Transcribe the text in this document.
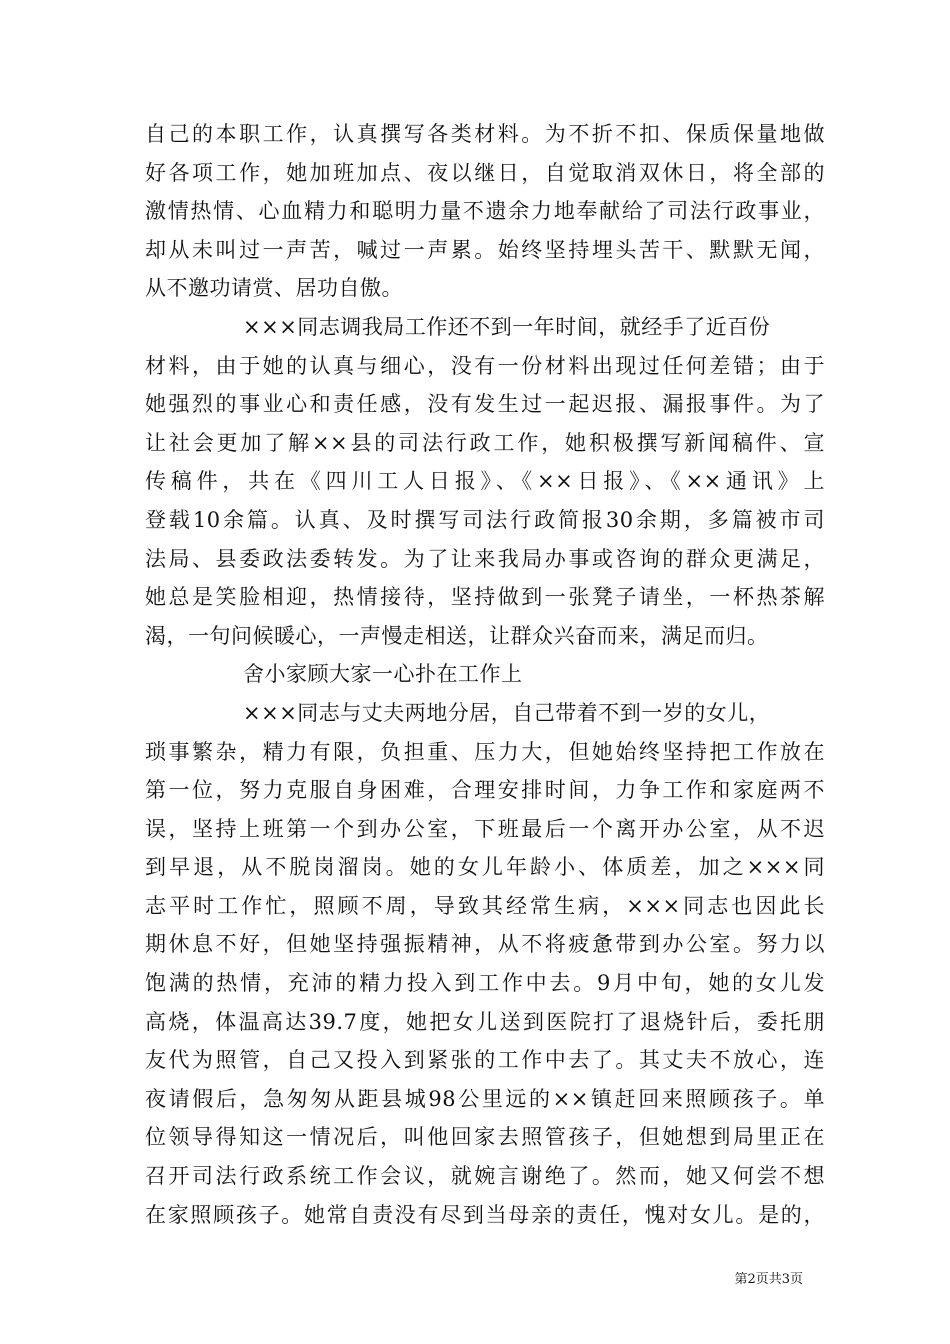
自己的本职工作，认真撰写各类材料。为不折不扣、保质保量地做
好各项工作，她加班加点、夜以继日，自觉取消双休日，将全部的
激情热情、心血精力和聪明力量不遗余力地奉献给了司法行政事业，
却从未叫过一声苦，喊过一声累。始终坚持埋头苦干、默默无闻，
从不邀功请赏、居功自傲。
×××同志调我局工作还不到一年时间，就经手了近百份
材料，由于她的认真与细心，没有一份材料出现过任何差错；由于
她强烈的事业心和责任感，没有发生过一起迟报、漏报事件。为了
让社会更加了解××县的司法行政工作，她积极撰写新闻稿件、宣
传稿件，共在《四川工人日报》、《××日报》、《××通讯》上
登载10余篇。认真、及时撰写司法行政简报30余期，多篇被市司
法局、县委政法委转发。为了让来我局办事或咨询的群众更满足，
她总是笑脸相迎，热情接待，坚持做到一张凳子请坐，一杯热茶解
渴，一句问候暖心，一声慢走相送，让群众兴奋而来，满足而归。
舍小家顾大家一心扑在工作上
×××同志与丈夫两地分居，自己带着不到一岁的女儿，
琐事繁杂，精力有限，负担重、压力大，但她始终坚持把工作放在
第一位，努力克服自身困难，合理安排时间，力争工作和家庭两不
误，坚持上班第一个到办公室，下班最后一个离开办公室，从不迟
到早退，从不脱岗溜岗。她的女儿年龄小、体质差，加之×××同
志平时工作忙，照顾不周，导致其经常生病，×××同志也因此长
期休息不好，但她坚持强振精神，从不将疲惫带到办公室。努力以
饱满的热情，充沛的精力投入到工作中去。9月中旬，她的女儿发
高烧，体温高达39.7度，她把女儿送到医院打了退烧针后，委托朋
友代为照管，自己又投入到紧张的工作中去了。其丈夫不放心，连
夜请假后，急匆匆从距县城98公里远的××镇赶回来照顾孩子。单
位领导得知这一情况后，叫他回家去照管孩子，但她想到局里正在
召开司法行政系统工作会议，就婉言谢绝了。然而，她又何尝不想
在家照顾孩子。她常自责没有尽到当母亲的责任，愧对女儿。是的，
第2页共3页
